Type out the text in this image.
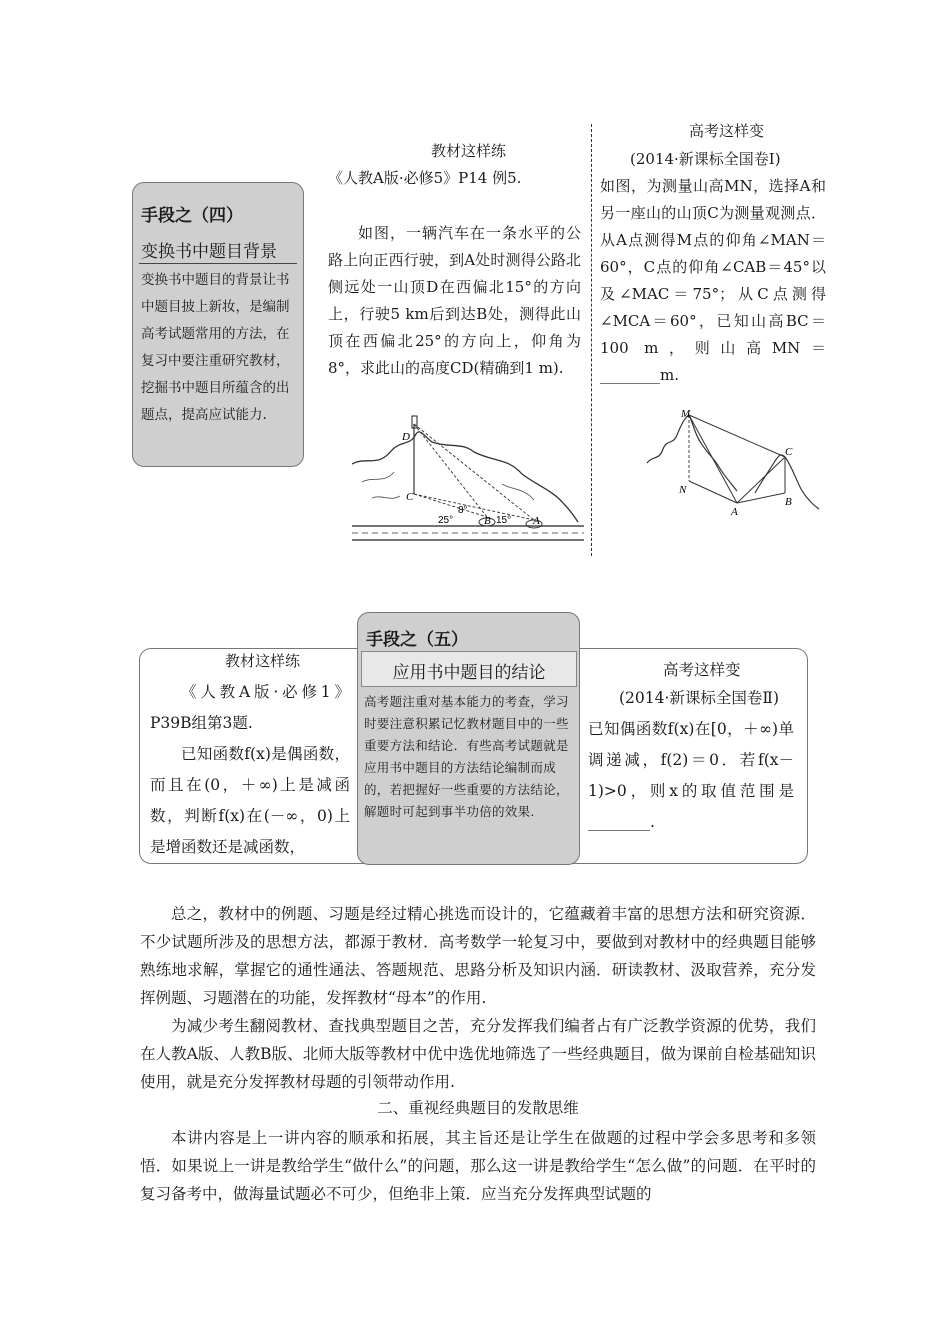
手段之（四）
变换书中题目背景
变换书中题目的背景让书中题目披上新妆，是编制高考试题常用的方法，在复习中要注重研究教材，挖掘书中题目所蕴含的出题点，提高应试能力.
教材这样练
《人教A版·必修5》P14 例5.
如图，一辆汽车在一条水平的公路上向正西行驶，到A处时测得公路北侧远处一山顶D在西偏北15°的方向上，行驶5 km后到达B处，测得此山顶在西偏北25°的方向上，仰角为8°，求此山的高度CD(精确到1 m).
D
C
B	A
25°
8°
15°
高考这样变
(2014·新课标全国卷Ⅰ)
如图，为测量山高MN，选择A和另一座山的山顶C为测量观测点．从A点测得M点的仰角∠MAN＝60°，C点的仰角∠CAB＝45°以及∠MAC＝75°；从C点测得∠MCA＝60°，已知山高BC＝100 m，则山高MN＝________m.
M
N
A
B
C
教材这样练
《人教A版·必修1》P39B组第3题.
已知函数f(x)是偶函数，而且在(0，＋∞)上是减函数，判断f(x)在(－∞，0)上是增函数还是减函数，
手段之（五）
应用书中题目的结论
高考题注重对基本能力的考查，学习时要注意积累记忆教材题目中的一些重要方法和结论．有些高考试题就是应用书中题目的方法结论编制而成的，若把握好一些重要的方法结论，解题时可起到事半功倍的效果.
高考这样变
(2014·新课标全国卷Ⅱ)
已知偶函数f(x)在[0，＋∞)单调递减，f(2)＝0．若f(x－1)>0，则x的取值范围是________.

总之，教材中的例题、习题是经过精心挑选而设计的，它蕴藏着丰富的思想方法和研究资源．不少试题所涉及的思想方法，都源于教材．高考数学一轮复习中，要做到对教材中的经典题目能够熟练地求解，掌握它的通性通法、答题规范、思路分析及知识内涵．研读教材、汲取营养，充分发挥例题、习题潜在的功能，发挥教材“母本”的作用.

为减少考生翻阅教材、查找典型题目之苦，充分发挥我们编者占有广泛教学资源的优势，我们在人教A版、人教B版、北师大版等教材中优中选优地筛选了一些经典题目，做为课前自检基础知识使用，就是充分发挥教材母题的引领带动作用.

二、重视经典题目的发散思维

本讲内容是上一讲内容的顺承和拓展，其主旨还是让学生在做题的过程中学会多思考和多领悟．如果说上一讲是教给学生“做什么”的问题，那么这一讲是教给学生“怎么做”的问题．在平时的复习备考中，做海量试题必不可少，但绝非上策．应当充分发挥典型试题的
